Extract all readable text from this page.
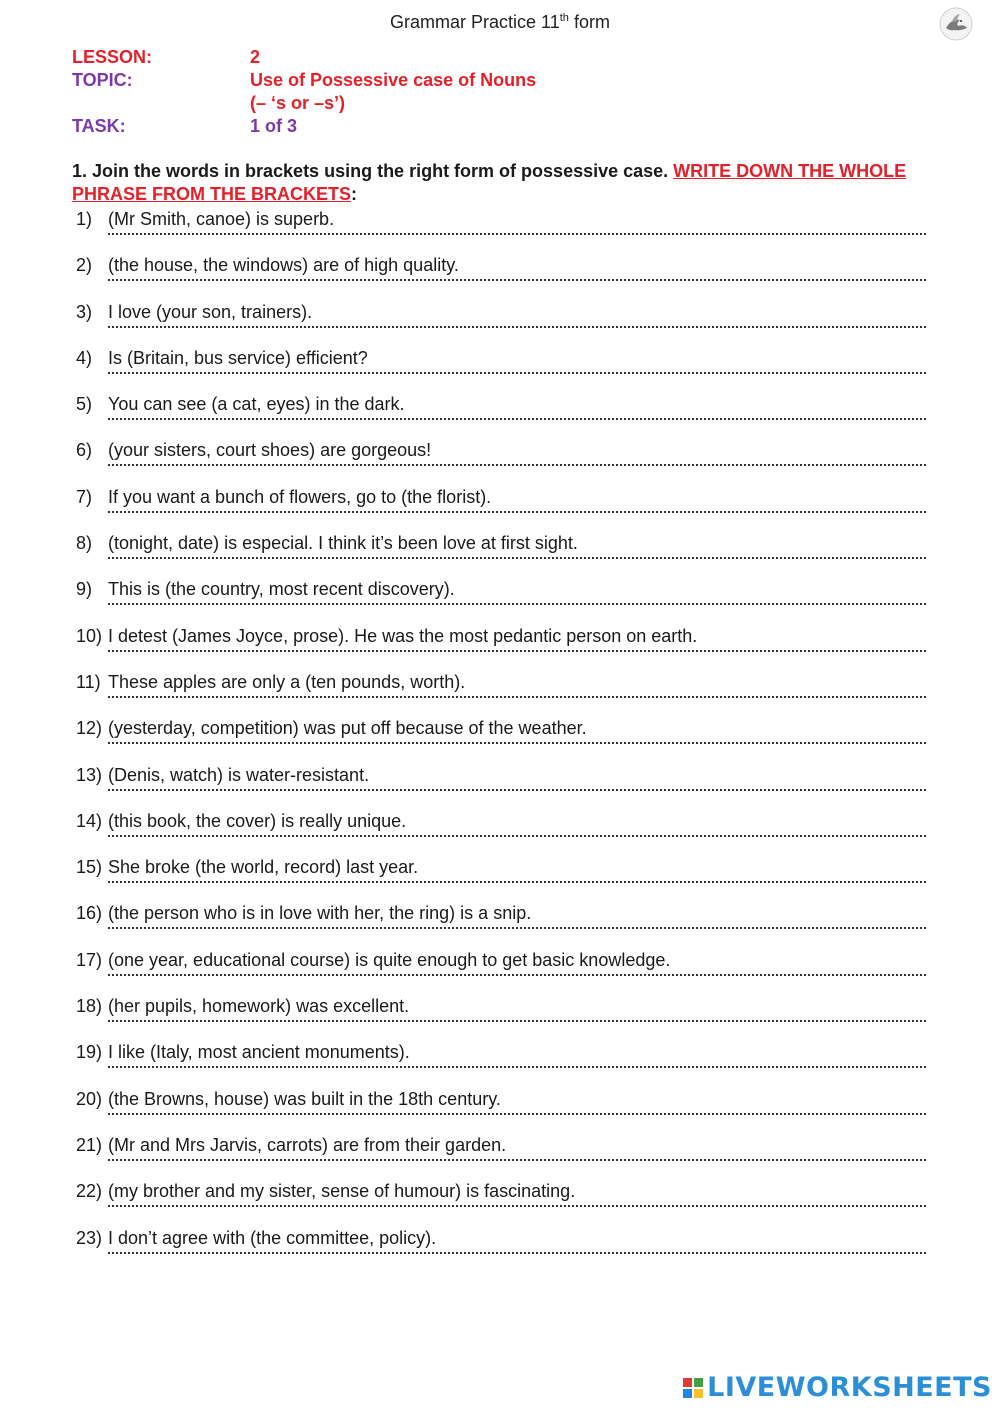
Grammar Practice 11th form
LESSON:	2
TOPIC:	Use of Possessive case of Nouns
(– ‘s or –s’)
TASK:	1 of 3
1. Join the words in brackets using the right form of possessive case. WRITE DOWN THE WHOLE PHRASE FROM THE BRACKETS:
1) (Mr Smith, canoe) is superb.
2) (the house, the windows) are of high quality.
3) I love (your son, trainers).
4) Is (Britain, bus service) efficient?
5) You can see (a cat, eyes) in the dark.
6) (your sisters, court shoes) are gorgeous!
7) If you want a bunch of flowers, go to (the florist).
8) (tonight, date) is especial. I think it’s been love at first sight.
9) This is (the country, most recent discovery).
10) I detest (James Joyce, prose). He was the most pedantic person on earth.
11) These apples are only a (ten pounds, worth).
12) (yesterday, competition) was put off because of the weather.
13) (Denis, watch) is water-resistant.
14) (this book, the cover) is really unique.
15) She broke (the world, record) last year.
16) (the person who is in love with her, the ring) is a snip.
17) (one year, educational course) is quite enough to get basic knowledge.
18) (her pupils, homework) was excellent.
19) I like (Italy, most ancient monuments).
20) (the Browns, house) was built in the 18th century.
21) (Mr and Mrs Jarvis, carrots) are from their garden.
22) (my brother and my sister, sense of humour) is fascinating.
23) I don’t agree with (the committee, policy).
LIVEWORKSHEETS
